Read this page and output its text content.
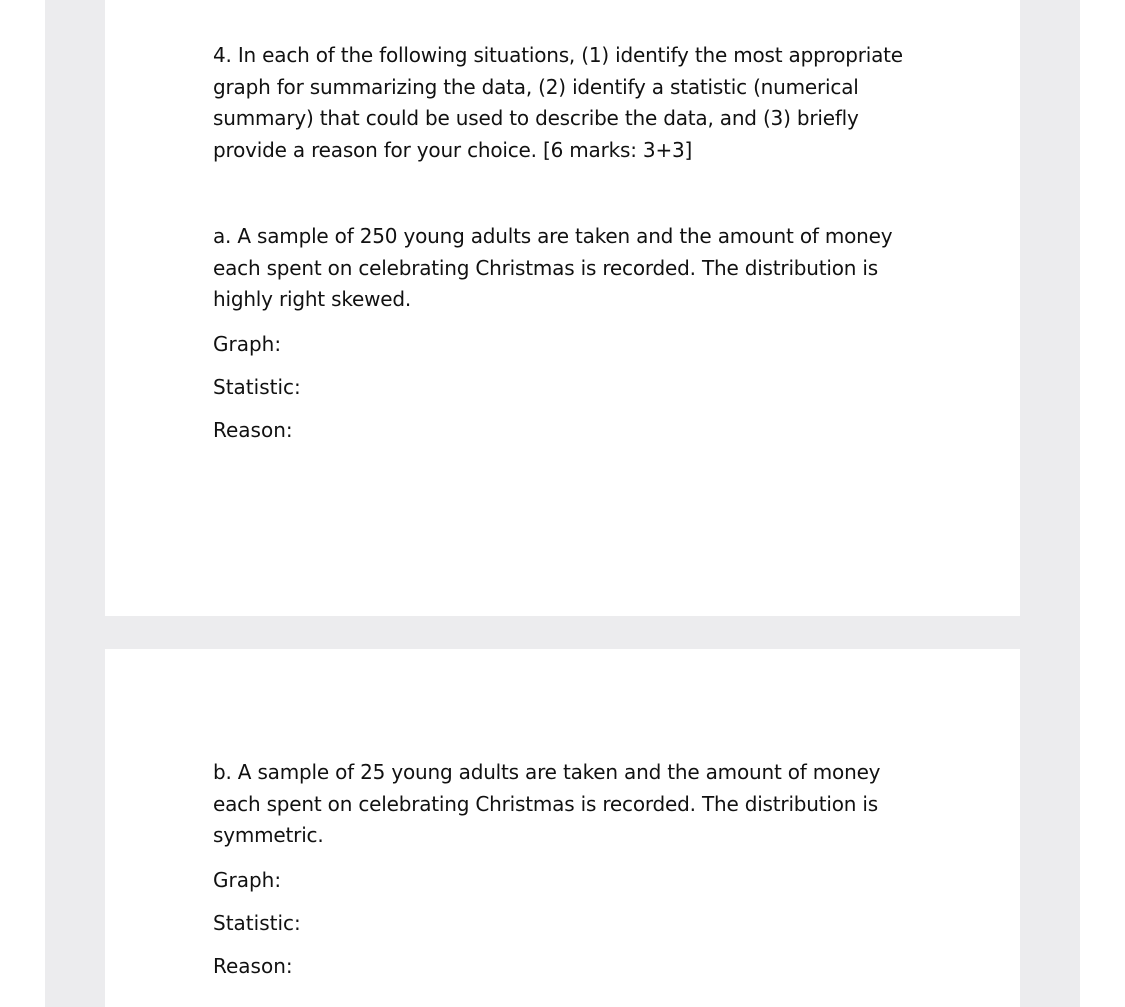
4. In each of the following situations, (1) identify the most appropriate graph for summarizing the data, (2) identify a statistic (numerical summary) that could be used to describe the data, and (3) briefly provide a reason for your choice. [6 marks: 3+3]

a. A sample of 250 young adults are taken and the amount of money each spent on celebrating Christmas is recorded. The distribution is highly right skewed.

Graph:

Statistic:

Reason:

b. A sample of 25 young adults are taken and the amount of money each spent on celebrating Christmas is recorded. The distribution is symmetric.

Graph:

Statistic:

Reason:
